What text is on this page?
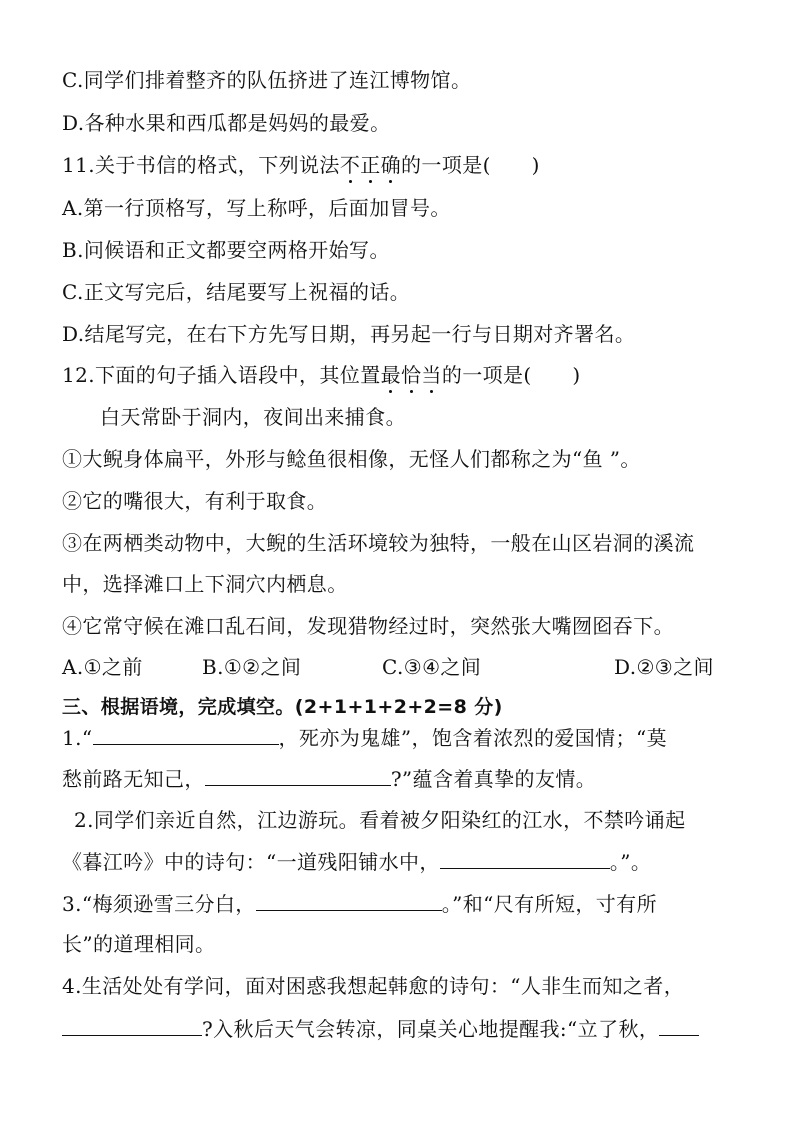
C.同学们排着整齐的队伍挤进了连江博物馆。
D.各种水果和西瓜都是妈妈的最爱。
11.关于书信的格式，下列说法不正确的一项是(　　)
A.第一行顶格写，写上称呼，后面加冒号。
B.问候语和正文都要空两格开始写。
C.正文写完后，结尾要写上祝福的话。
D.结尾写完，在右下方先写日期，再另起一行与日期对齐署名。
12.下面的句子插入语段中，其位置最恰当的一项是(　　)
白天常卧于洞内，夜间出来捕食。
①大鲵身体扁平，外形与鲶鱼很相像，无怪人们都称之为“鱼 ”。
②它的嘴很大，有利于取食。
③在两栖类动物中，大鲵的生活环境较为独特，一般在山区岩洞的溪流
中，选择滩口上下洞穴内栖息。
④它常守候在滩口乱石间，发现猎物经过时，突然张大嘴囫囵吞下。
A.①之前	B.①②之间	C.③④之间	D.②③之间
三、根据语境，完成填空。(2+1+1+2+2=8 分)
1.“	，死亦为鬼雄”，饱含着浓烈的爱国情；“莫
愁前路无知己，	?”蕴含着真挚的友情。
2.同学们亲近自然，江边游玩。看着被夕阳染红的江水，不禁吟诵起
《暮江吟》中的诗句：“一道残阳铺水中，	。”。
3.“梅须逊雪三分白，	。”和“尺有所短，寸有所
长”的道理相同。
4.生活处处有学问，面对困惑我想起韩愈的诗句：“人非生而知之者，
?入秋后天气会转凉，同桌关心地提醒我:“立了秋，
